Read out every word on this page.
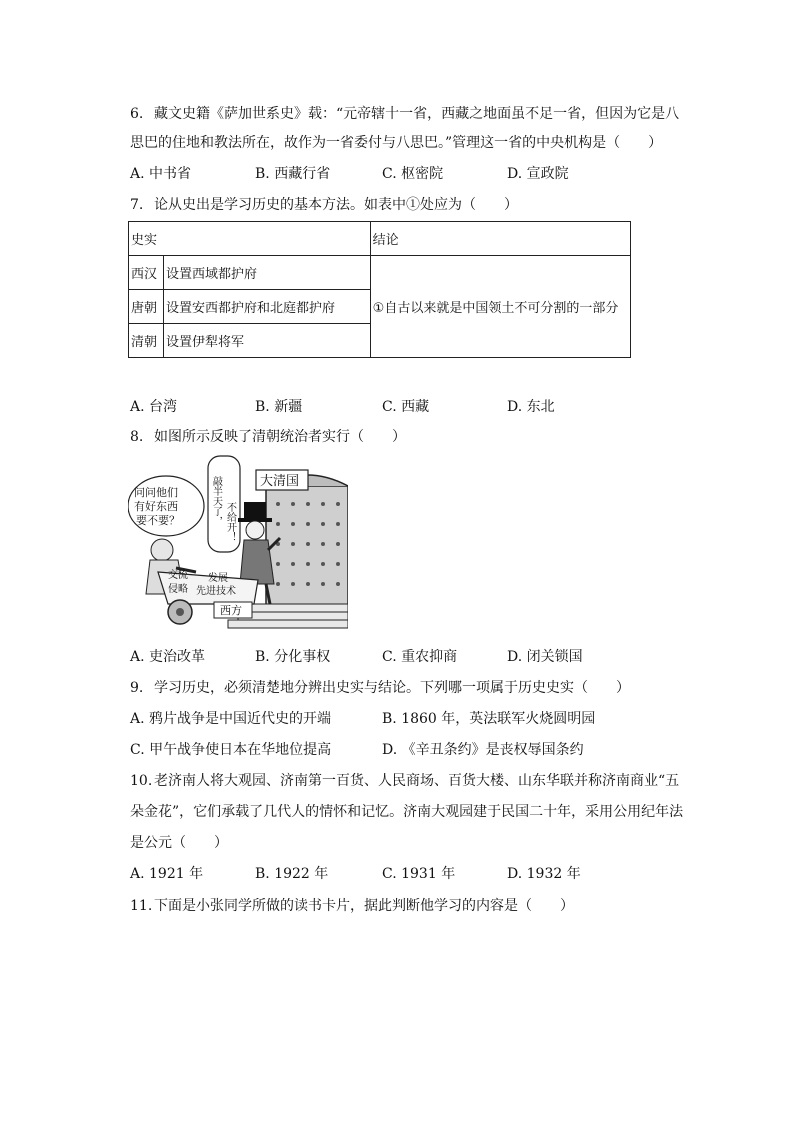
6. 藏文史籍《萨加世系史》载：“元帝辖十一省，西藏之地面虽不足一省，但因为它是八
思巴的住地和教法所在，故作为一省委付与八思巴。”管理这一省的中央机构是（　　）
A. 中书省	B. 西藏行省	C. 枢密院	D. 宣政院
7. 论从史出是学习历史的基本方法。如表中①处应为（　　）
史实		结论
西汉	设置西域都护府	①自古以来就是中国领土不可分割的一部分
唐朝	设置安西都护府和北庭都护府	
清朝	设置伊犁将军	
A. 台湾	B. 新疆	C. 西藏	D. 东北
8. 如图所示反映了清朝统治者实行（　　）
大清国
问问他们
有好东西
要不要？	敲半天了， 不给开！
交流 发展
侵略 先进技术
西方
A. 吏治改革	B. 分化事权	C. 重农抑商	D. 闭关锁国
9. 学习历史，必须清楚地分辨出史实与结论。下列哪一项属于历史史实（　　）
A. 鸦片战争是中国近代史的开端	B. 1860 年，英法联军火烧圆明园
C. 甲午战争使日本在华地位提高	D. 《辛丑条约》是丧权辱国条约
10. 老济南人将大观园、济南第一百货、人民商场、百货大楼、山东华联并称济南商业“五
朵金花”，它们承载了几代人的情怀和记忆。济南大观园建于民国二十年，采用公用纪年法
是公元（　　）
A. 1921 年	B. 1922 年	C. 1931 年	D. 1932 年
11. 下面是小张同学所做的读书卡片，据此判断他学习的内容是（　　）
